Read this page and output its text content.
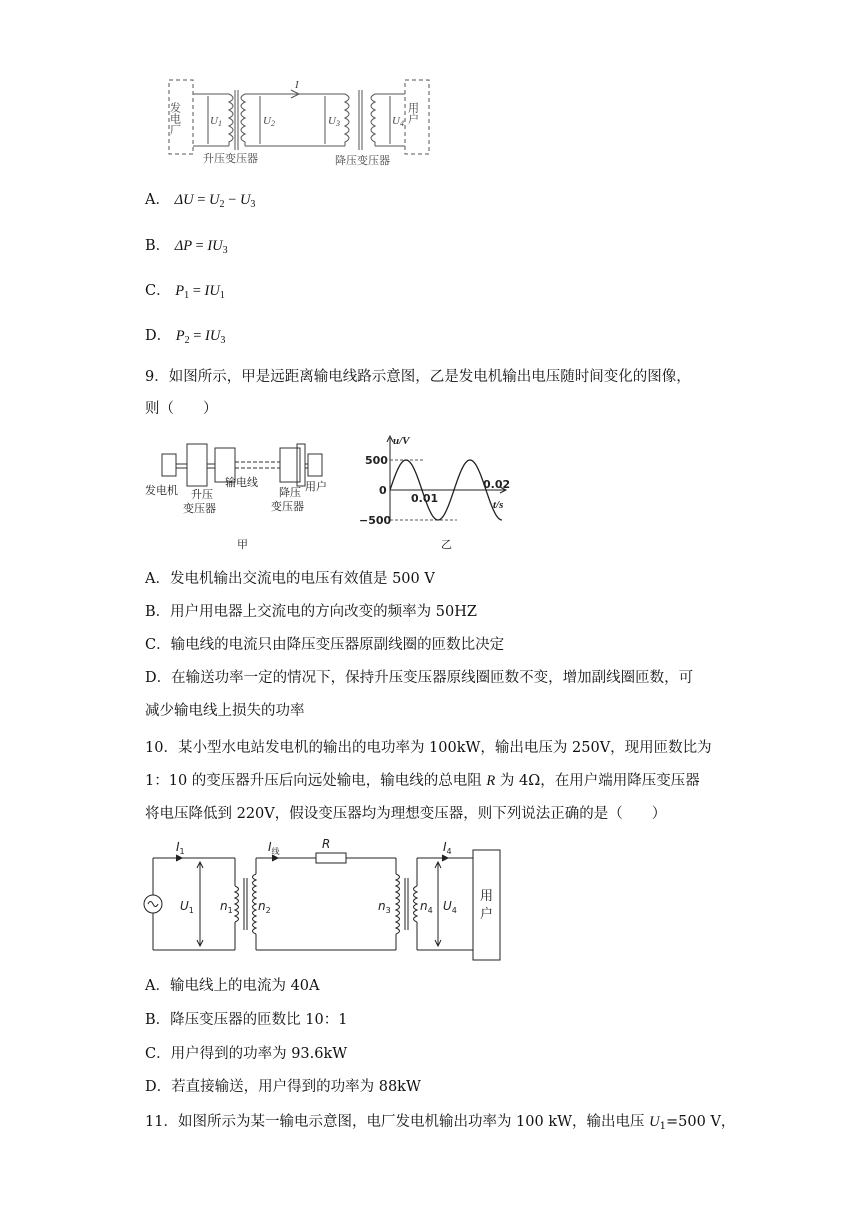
发电厂	U1	U2	U3	U4
I
升压变压器	降压变压器
用户
A． $\Delta U = U_2 - U_3$
B． $\Delta P = IU_3$
C． $P_1 = IU_1$
D． $P_2 = IU_3$
9．如图所示，甲是远距离输电线路示意图，乙是发电机输出电压随时间变化的图像，
则（　　）
发电机 升压
变压器
输电线
降压
变压器
用户
甲
u/V
t/s
500
0
−500
0.01
0.02
乙
A．发电机输出交流电的电压有效值是 500 V
B．用户用电器上交流电的方向改变的频率为 50HZ
C．输电线的电流只由降压变压器原副线圈的匝数比决定
D．在输送功率一定的情况下，保持升压变压器原线圈匝数不变，增加副线圈匝数，可
减少输电线上损失的功率
10．某小型水电站发电机的输出的电功率为 100kW，输出电压为 250V，现用匝数比为
1：10 的变压器升压后向远处输电，输电线的总电阻 R 为 4Ω，在用户端用降压变压器
将电压降低到 220V，假设变压器均为理想变压器，则下列说法正确的是（　　）
$I_1$	$I_线$
R	$I_4$
$U_1$ $n_1$ $n_2$	$n_3$ $n_4$ $U_4$
用
户
A．输电线上的电流为 40A
B．降压变压器的匝数比 10：1
C．用户得到的功率为 93.6kW
D．若直接输送，用户得到的功率为 88kW
11．如图所示为某一输电示意图，电厂发电机输出功率为 100 kW，输出电压 $U_1=500$ V，
